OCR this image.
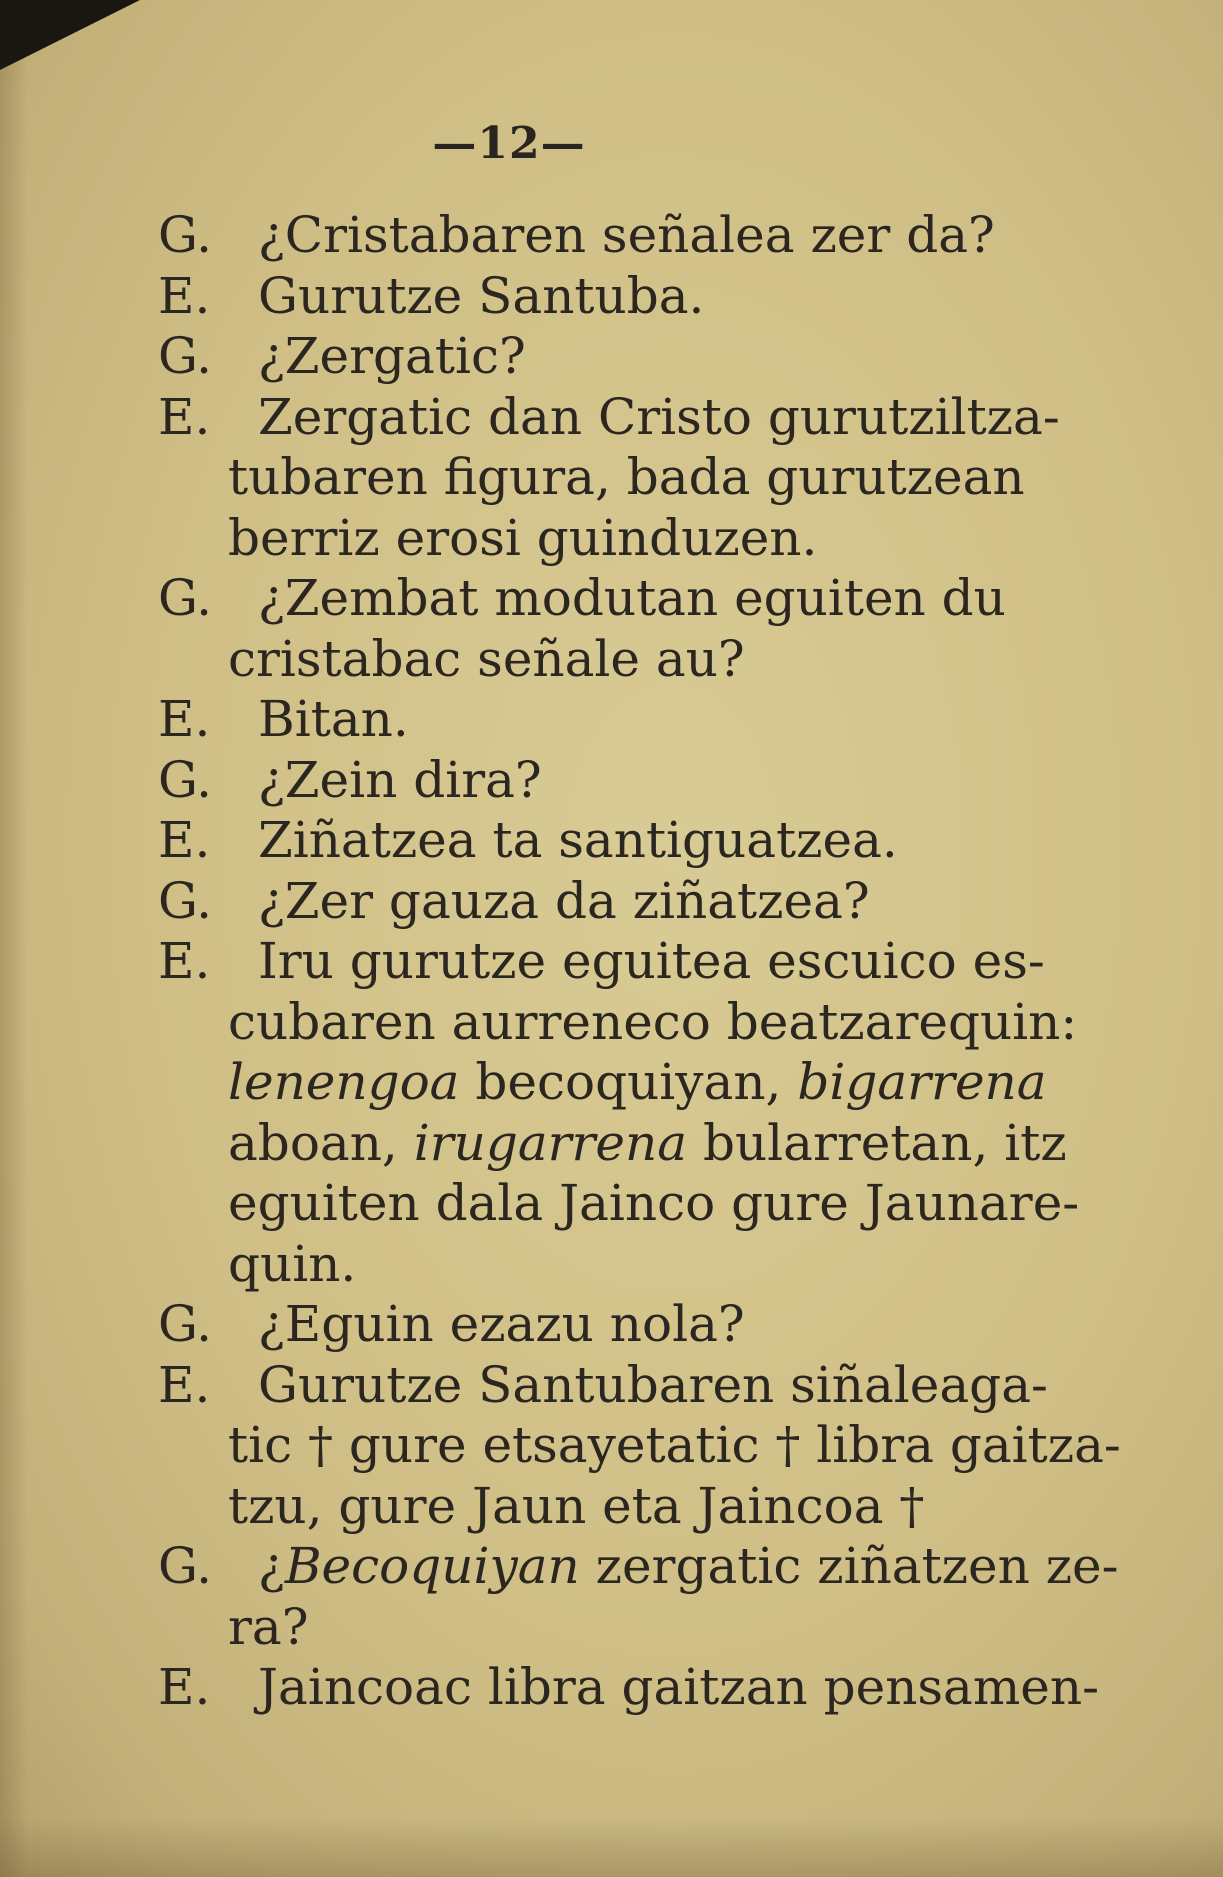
—12—
G. ¿Cristabaren señalea zer da?
E. Gurutze Santuba.
G. ¿Zergatic?
E. Zergatic dan Cristo gurutziltza-
tubaren figura, bada gurutzean
berriz erosi guinduzen.
G. ¿Zembat modutan eguiten du
cristabac señale au?
E. Bitan.
G. ¿Zein dira?
E. Ziñatzea ta santiguatzea.
G. ¿Zer gauza da ziñatzea?
E. Iru gurutze eguitea escuico es-
cubaren aurreneco beatzarequin:
lenengoa becoquiyan, bigarrena
aboan, irugarrena bularretan, itz
eguiten dala Jainco gure Jaunare-
quin.
G. ¿Eguin ezazu nola?
E. Gurutze Santubaren siñaleaga-
tic † gure etsayetatic † libra gaitza-
tzu, gure Jaun eta Jaincoa †
G. ¿Becoquiyan zergatic ziñatzen ze-
ra?
E. Jaincoac libra gaitzan pensamen-
